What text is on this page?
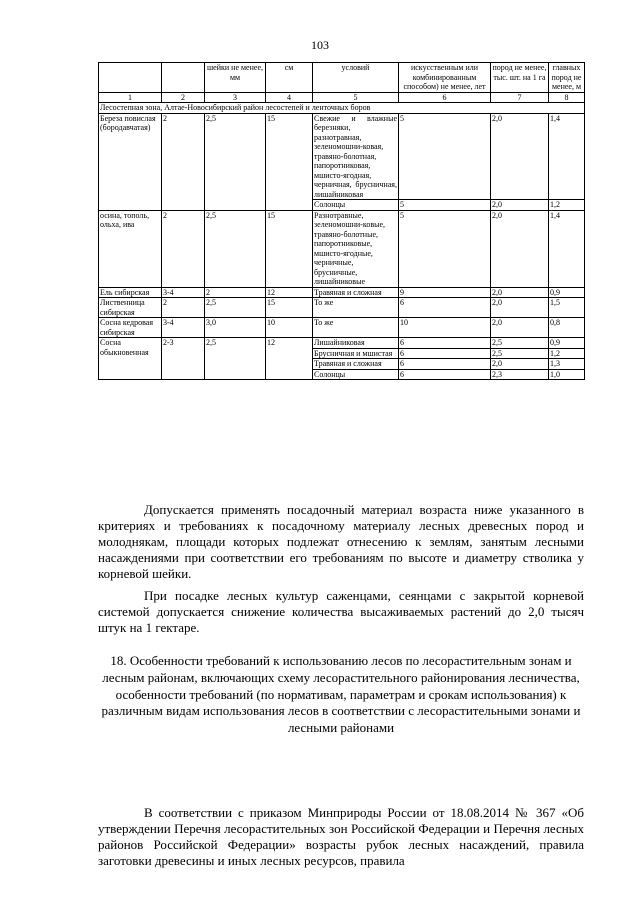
103
		шейки не менее, мм	см	условий	искусственным или комбинированным способом) не менее, лет	пород не менее, тыс. шт. на 1 га	главных пород не менее, м
1	2	3	4	5	6	7	8
Лесостепная зона, Алтае-Новосибирский район лесостепей и ленточных боров							
Береза повислая (бородавчатая)	2	2,5	15	Свежие и влажные березняки, разнотравная, зеленомошни-ковая, травяно-болотная, папоротниковая, мшисто-ягодная, черничная, брусничная, лишайниковая	5	2,0	1,4
				Солонцы	5	2,0	1,2
осина, тополь, ольха, ива	2	2,5	15	Разнотравные, зеленомошни-ковые, травяно-болотные, папоротниковые, мшисто-ягодные, черничные, брусничные, лишайниковые	5	2,0	1,4
Ель сибирская	3-4	2	12	Травяная и сложная	9	2,0	0,9
Лиственница сибирская	2	2,5	15	То же	6	2,0	1,5
Сосна кедровая сибирская	3-4	3,0	10	То же	10	2,0	0,8
Сосна обыкновенная	2-3	2,5	12	Лишайниковая	6	2,5	0,9
				Брусничная и мшистая	6	2,5	1,2
				Травяная и сложная	6	2,0	1,3
				Солонцы	6	2,3	1,0
Допускается применять посадочный материал возраста ниже указанного в критериях и требованиях к посадочному материалу лесных древесных пород и молоднякам, площади которых подлежат отнесению к землям, занятым лесными насаждениями при соответствии его требованиям по высоте и диаметру стволика у корневой шейки.
При посадке лесных культур саженцами, сеянцами с закрытой корневой системой допускается снижение количества высаживаемых растений до 2,0 тысяч штук на 1 гектаре.
18. Особенности требований к использованию лесов по лесорастительным зонам и лесным районам, включающих схему лесорастительного районирования лесничества, особенности требований (по нормативам, параметрам и срокам использования) к различным видам использования лесов в соответствии с лесорастительными зонами и лесными районами
В соответствии с приказом Минприроды России от 18.08.2014 № 367 «Об утверждении Перечня лесорастительных зон Российской Федерации и Перечня лесных районов Российской Федерации» возрасты рубок лесных насаждений, правила заготовки древесины и иных лесных ресурсов, правила
